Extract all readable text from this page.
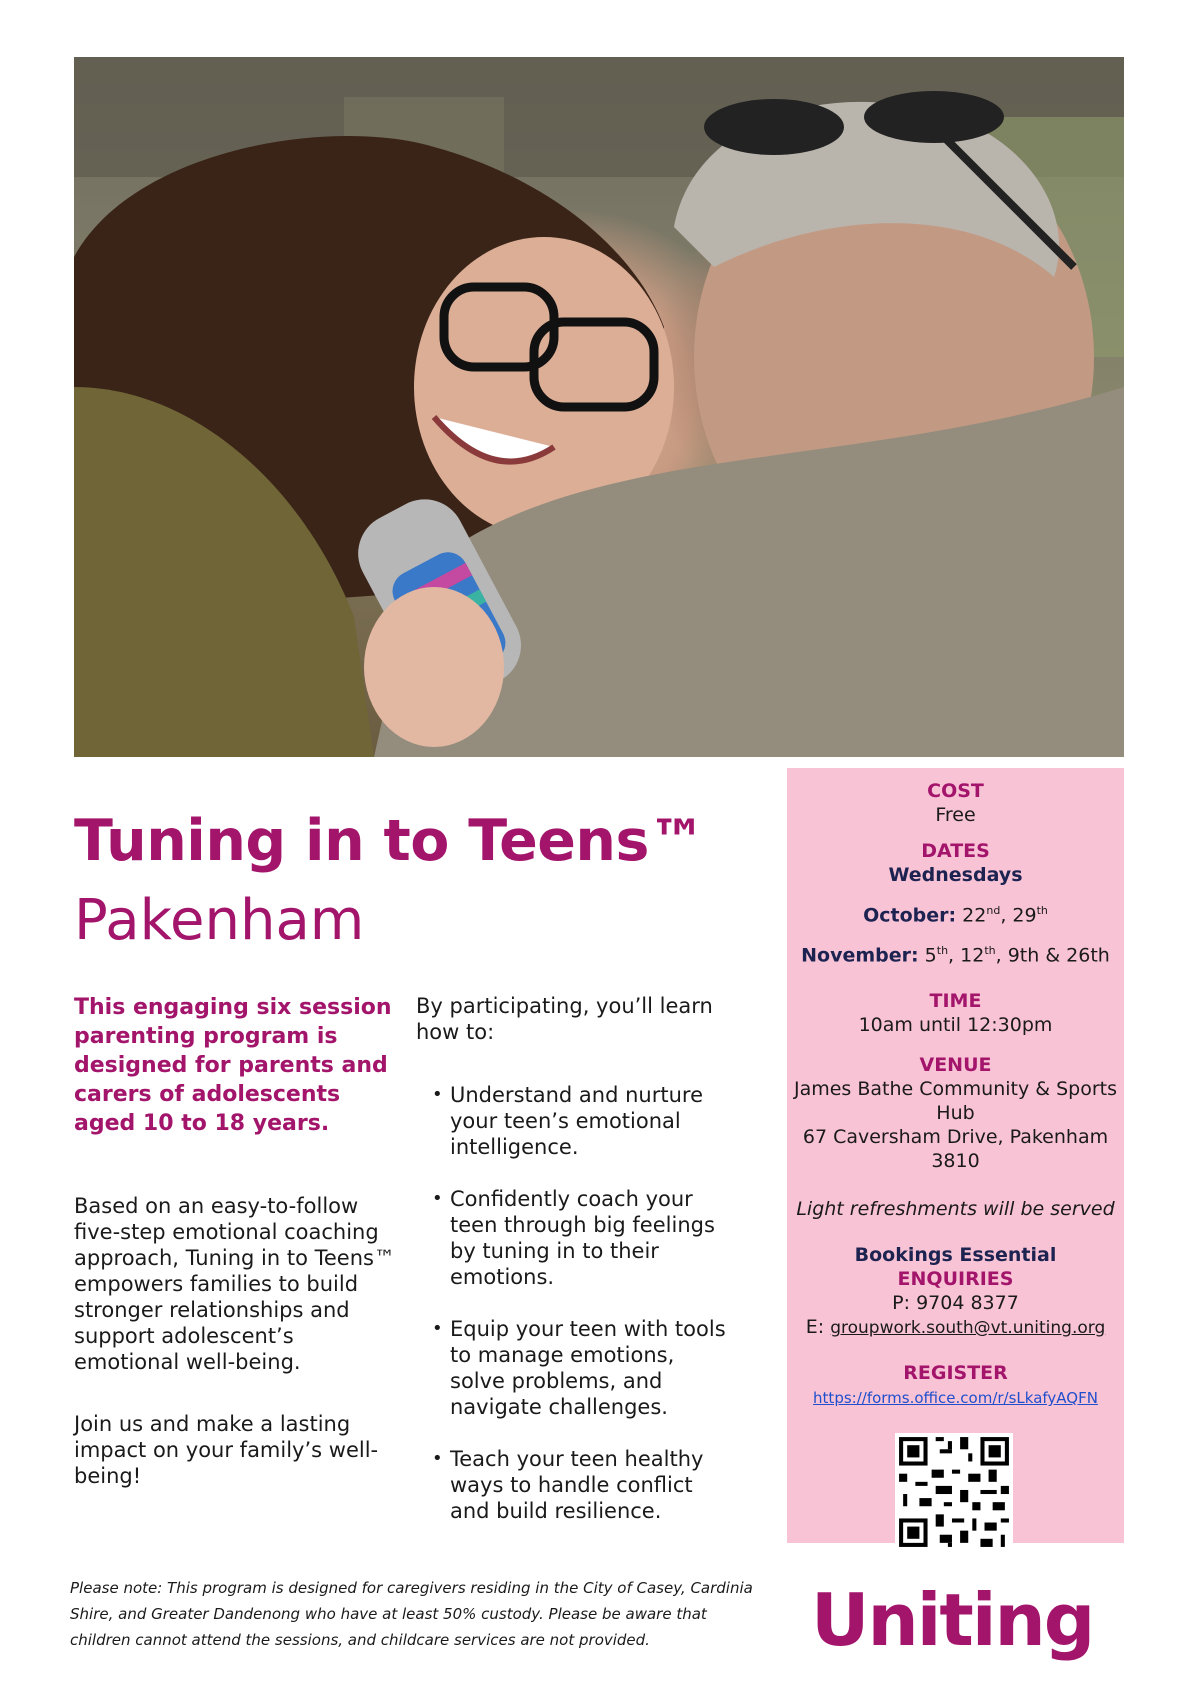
Tuning in to Teens™
Pakenham
This engaging six session parenting program is designed for parents and carers of adolescents aged 10 to 18 years.
Based on an easy-to-follow five-step emotional coaching approach, Tuning in to Teens™ empowers families to build stronger relationships and support adolescent’s emotional well-being.
Join us and make a lasting impact on your family’s well-being!
By participating, you’ll learn how to:
• Understand and nurture your teen’s emotional intelligence.
• Confidently coach your teen through big feelings by tuning in to their emotions.
• Equip your teen with tools to manage emotions, solve problems, and navigate challenges.
• Teach your teen healthy ways to handle conflict and build resilience.
COST
Free
DATES
Wednesdays
October: 22nd, 29th
November: 5th, 12th, 9th & 26th
TIME
10am until 12:30pm
VENUE
James Bathe Community & Sports
Hub
67 Caversham Drive, Pakenham
3810
Light refreshments will be served
Bookings Essential
ENQUIRIES
P: 9704 8377
E: groupwork.south@vt.uniting.org
REGISTER
https://forms.office.com/r/sLkafyAQFN
Please note: This program is designed for caregivers residing in the City of Casey, Cardinia Shire, and Greater Dandenong who have at least 50% custody. Please be aware that children cannot attend the sessions, and childcare services are not provided.	Uniting
